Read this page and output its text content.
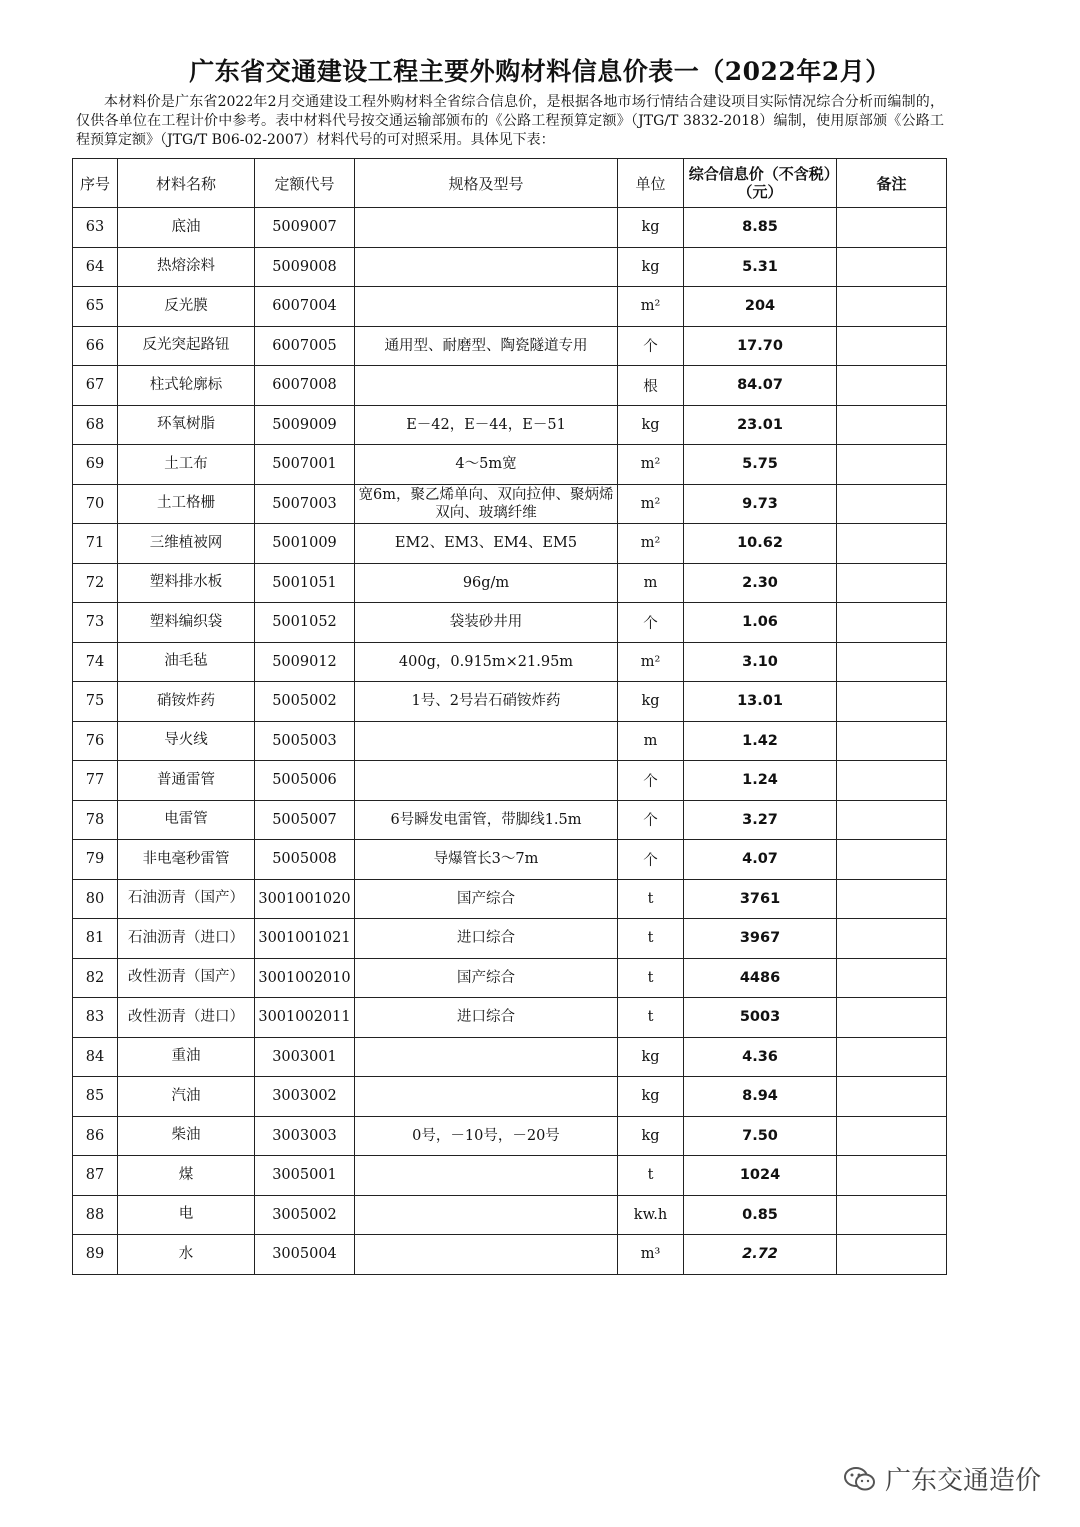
广东省交通建设工程主要外购材料信息价表一（2022年2月）
本材料价是广东省2022年2月交通建设工程外购材料全省综合信息价，是根据各地市场行情结合建设项目实际情况综合分析而编制的，仅供各单位在工程计价中参考。表中材料代号按交通运输部颁布的《公路工程预算定额》（JTG/T 3832-2018）编制，使用原部颁《公路工程预算定额》（JTG/T B06-02-2007）材料代号的可对照采用。具体见下表：
序号	材料名称	定额代号	规格及型号	单位	综合信息价（不含税）（元）	备注
63	底油	5009007		kg	8.85	
64	热熔涂料	5009008		kg	5.31	
65	反光膜	6007004		m²	204	
66	反光突起路钮	6007005	通用型、耐磨型、陶瓷隧道专用	个	17.70	
67	柱式轮廓标	6007008		根	84.07	
68	环氧树脂	5009009	E－42，E－44，E－51	kg	23.01	
69	土工布	5007001	4～5m宽	m²	5.75	
70	土工格栅	5007003	宽6m，聚乙烯单向、双向拉伸、聚炳烯双向、玻璃纤维	m²	9.73	
71	三维植被网	5001009	EM2、EM3、EM4、EM5	m²	10.62	
72	塑料排水板	5001051	96g/m	m	2.30	
73	塑料编织袋	5001052	袋装砂井用	个	1.06	
74	油毛毡	5009012	400g，0.915m×21.95m	m²	3.10	
75	硝铵炸药	5005002	1号、2号岩石硝铵炸药	kg	13.01	
76	导火线	5005003		m	1.42	
77	普通雷管	5005006		个	1.24	
78	电雷管	5005007	6号瞬发电雷管，带脚线1.5m	个	3.27	
79	非电毫秒雷管	5005008	导爆管长3～7m	个	4.07	
80	石油沥青（国产）	3001001020	国产综合	t	3761	
81	石油沥青（进口）	3001001021	进口综合	t	3967	
82	改性沥青（国产）	3001002010	国产综合	t	4486	
83	改性沥青（进口）	3001002011	进口综合	t	5003	
84	重油	3003001		kg	4.36	
85	汽油	3003002		kg	8.94	
86	柴油	3003003	0号，－10号，－20号	kg	7.50	
87	煤	3005001		t	1024	
88	电	3005002		kw.h	0.85	
89	水	3005004		m³	2.72	
广东交通造价
